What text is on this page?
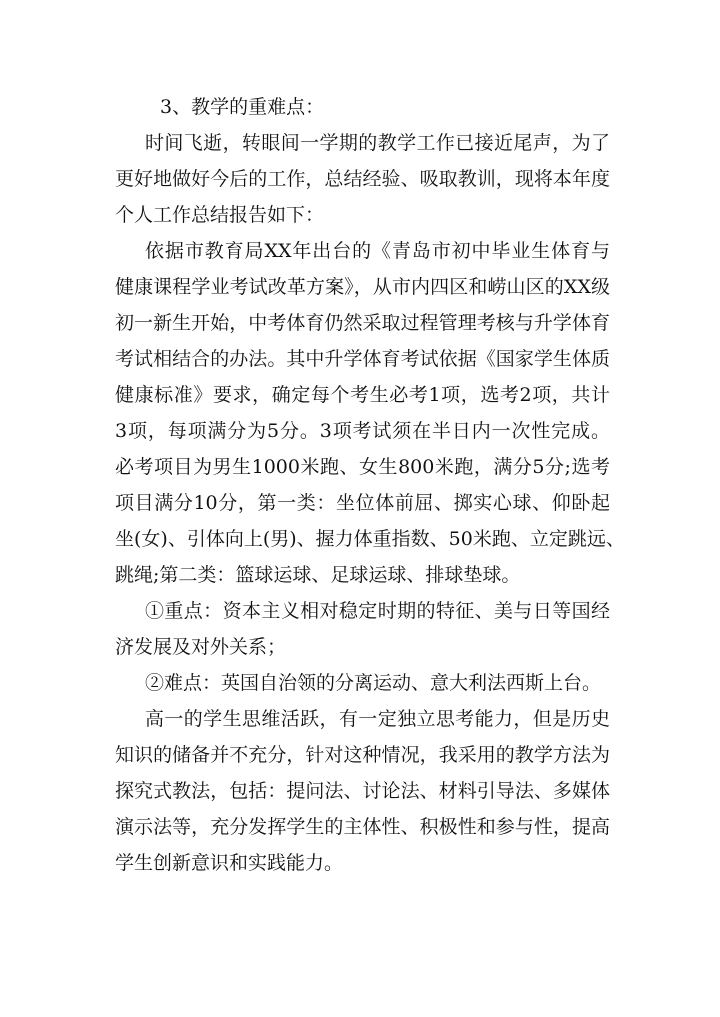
3、教学的重难点：
时间飞逝，转眼间一学期的教学工作已接近尾声，为了
更好地做好今后的工作，总结经验、吸取教训，现将本年度
个人工作总结报告如下：
依据市教育局XX年出台的《青岛市初中毕业生体育与
健康课程学业考试改革方案》，从市内四区和崂山区的XX级
初一新生开始，中考体育仍然采取过程管理考核与升学体育
考试相结合的办法。其中升学体育考试依据《国家学生体质
健康标准》要求，确定每个考生必考1项，选考2项，共计
3项，每项满分为5分。3项考试须在半日内一次性完成。
必考项目为男生1000米跑、女生800米跑，满分5分;选考
项目满分10分，第一类：坐位体前屈、掷实心球、仰卧起
坐(女)、引体向上(男)、握力体重指数、50米跑、立定跳远、
跳绳;第二类：篮球运球、足球运球、排球垫球。
①重点：资本主义相对稳定时期的特征、美与日等国经
济发展及对外关系；
②难点：英国自治领的分离运动、意大利法西斯上台。
高一的学生思维活跃，有一定独立思考能力，但是历史
知识的储备并不充分，针对这种情况，我采用的教学方法为
探究式教法，包括：提问法、讨论法、材料引导法、多媒体
演示法等，充分发挥学生的主体性、积极性和参与性，提高
学生创新意识和实践能力。
